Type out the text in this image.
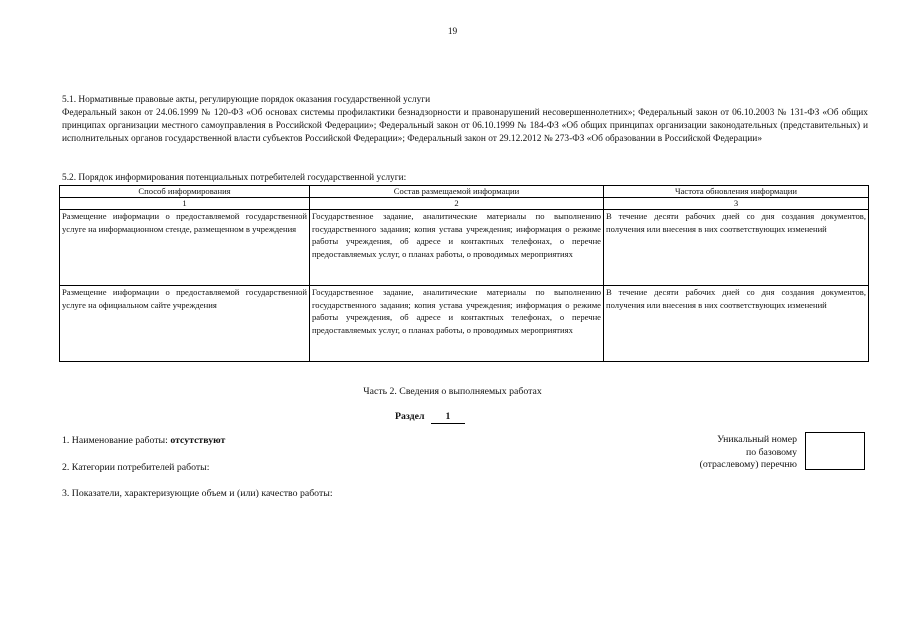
19

5.1. Нормативные правовые акты, регулирующие порядок оказания государственной услуги

Федеральный закон от 24.06.1999 № 120-ФЗ «Об основах системы профилактики безнадзорности и правонарушений несовершеннолетних»; Федеральный закон от 06.10.2003 № 131-ФЗ «Об общих принципах организации местного самоуправления в Российской Федерации»; Федеральный закон от 06.10.1999 № 184-ФЗ «Об общих принципах организации законодательных (представительных) и исполнительных органов государственной власти субъектов Российской Федерации»; Федеральный закон от 29.12.2012 № 273-ФЗ «Об образовании в Российской Федерации»

5.2. Порядок информирования потенциальных потребителей государственной услуги:
Способ информирования	Состав размещаемой информации	Частота обновления информации
1	2	3
Размещение информации о предоставляемой государственной услуге на информационном стенде, размещенном в учреждения	Государственное задание, аналитические материалы по выполнению государственного задания; копия устава учреждения; информация о режиме работы учреждения, об адресе и контактных телефонах, о перечне предоставляемых услуг, о планах работы, о проводимых мероприятиях	В течение десяти рабочих дней со дня создания документов, получения или внесения в них соответствующих изменений
Размещение информации о предоставляемой государственной услуге на официальном сайте учреждения	Государственное задание, аналитические материалы по выполнению государственного задания; копия устава учреждения; информация о режиме работы учреждения, об адресе и контактных телефонах, о перечне предоставляемых услуг, о планах работы, о проводимых мероприятиях	В течение десяти рабочих дней со дня создания документов, получения или внесения в них соответствующих изменений
Часть 2. Сведения о выполняемых работах
Раздел 1
1. Наименование работы: отсутствуют
2. Категории потребителей работы:
3. Показатели, характеризующие объем и (или) качество работы:
Уникальный номер
по базовому
(отраслевому) перечню
